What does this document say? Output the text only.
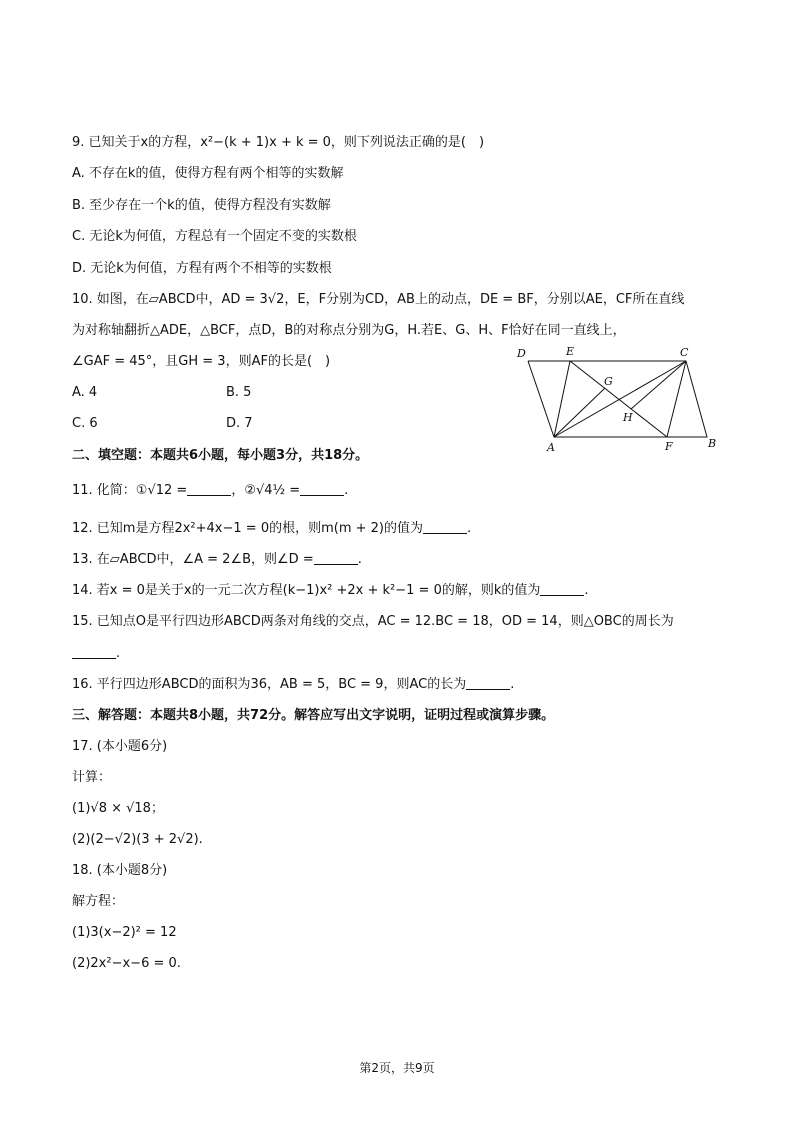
9. 已知关于x的方程，x²−(k + 1)x + k = 0，则下列说法正确的是(　)
A. 不存在k的值，使得方程有两个相等的实数解
B. 至少存在一个k的值，使得方程没有实数解
C. 无论k为何值，方程总有一个固定不变的实数根
D. 无论k为何值，方程有两个不相等的实数根
10. 如图，在▱ABCD中，AD = 3√2，E，F分别为CD，AB上的动点，DE = BF，分别以AE，CF所在直线
为对称轴翻折△ADE，△BCF，点D，B的对称点分别为G，H.若E、G、H、F恰好在同一直线上，
∠GAF = 45°，且GH = 3，则AF的长是(　)
A. 4	B. 5
C. 6	D. 7
D	E	C
G
H
A	F	B
二、填空题：本题共6小题，每小题3分，共18分。
11. 化简：①√12 =	，②√4½ =	.
12. 已知m是方程2x²+4x−1 = 0的根，则m(m + 2)的值为	.
13. 在▱ABCD中，∠A = 2∠B，则∠D =	.
14. 若x = 0是关于x的一元二次方程(k−1)x² +2x + k²−1 = 0的解，则k的值为	.
15. 已知点O是平行四边形ABCD两条对角线的交点，AC = 12.BC = 18，OD = 14，则△OBC的周长为
.
16. 平行四边形ABCD的面积为36，AB = 5，BC = 9，则AC的长为	.
三、解答题：本题共8小题，共72分。解答应写出文字说明，证明过程或演算步骤。
17. (本小题6分)
计算：
(1)√8 × √18；
(2)(2−√2)(3 + 2√2).
18. (本小题8分)
解方程：
(1)3(x−2)² = 12
(2)2x²−x−6 = 0.
第2页，共9页
